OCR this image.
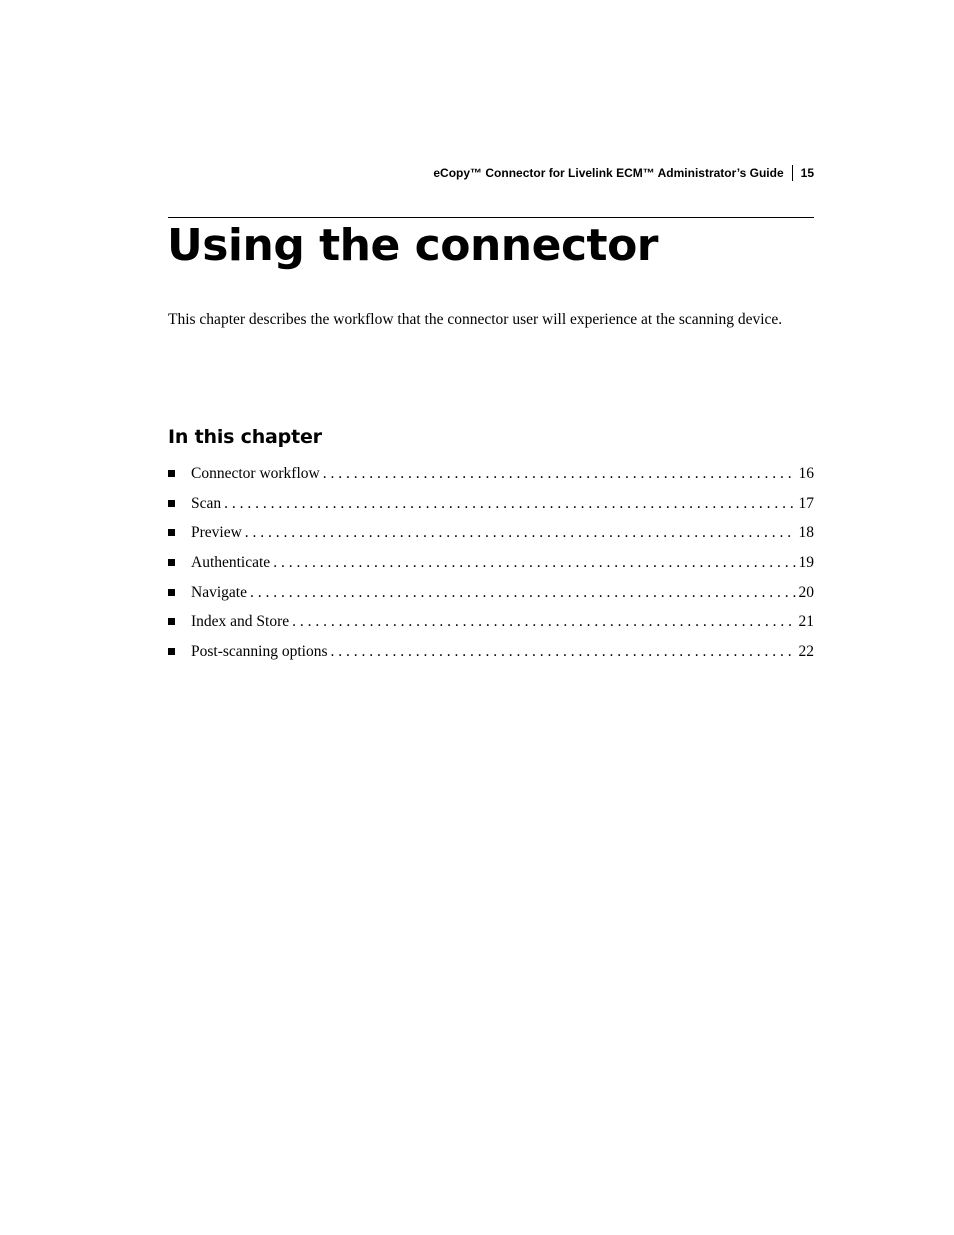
eCopy™ Connector for Livelink ECM™ Administrator’s Guide 15
Using the connector

This chapter describes the workflow that the connector user will experience at the scanning device.

In this chapter
Connector workflow . . .	16
Scan . . .	17
Preview . . .	18
Authenticate . . .	19
Navigate . . .	20
Index and Store . . .	21
Post-scanning options . . .	22
